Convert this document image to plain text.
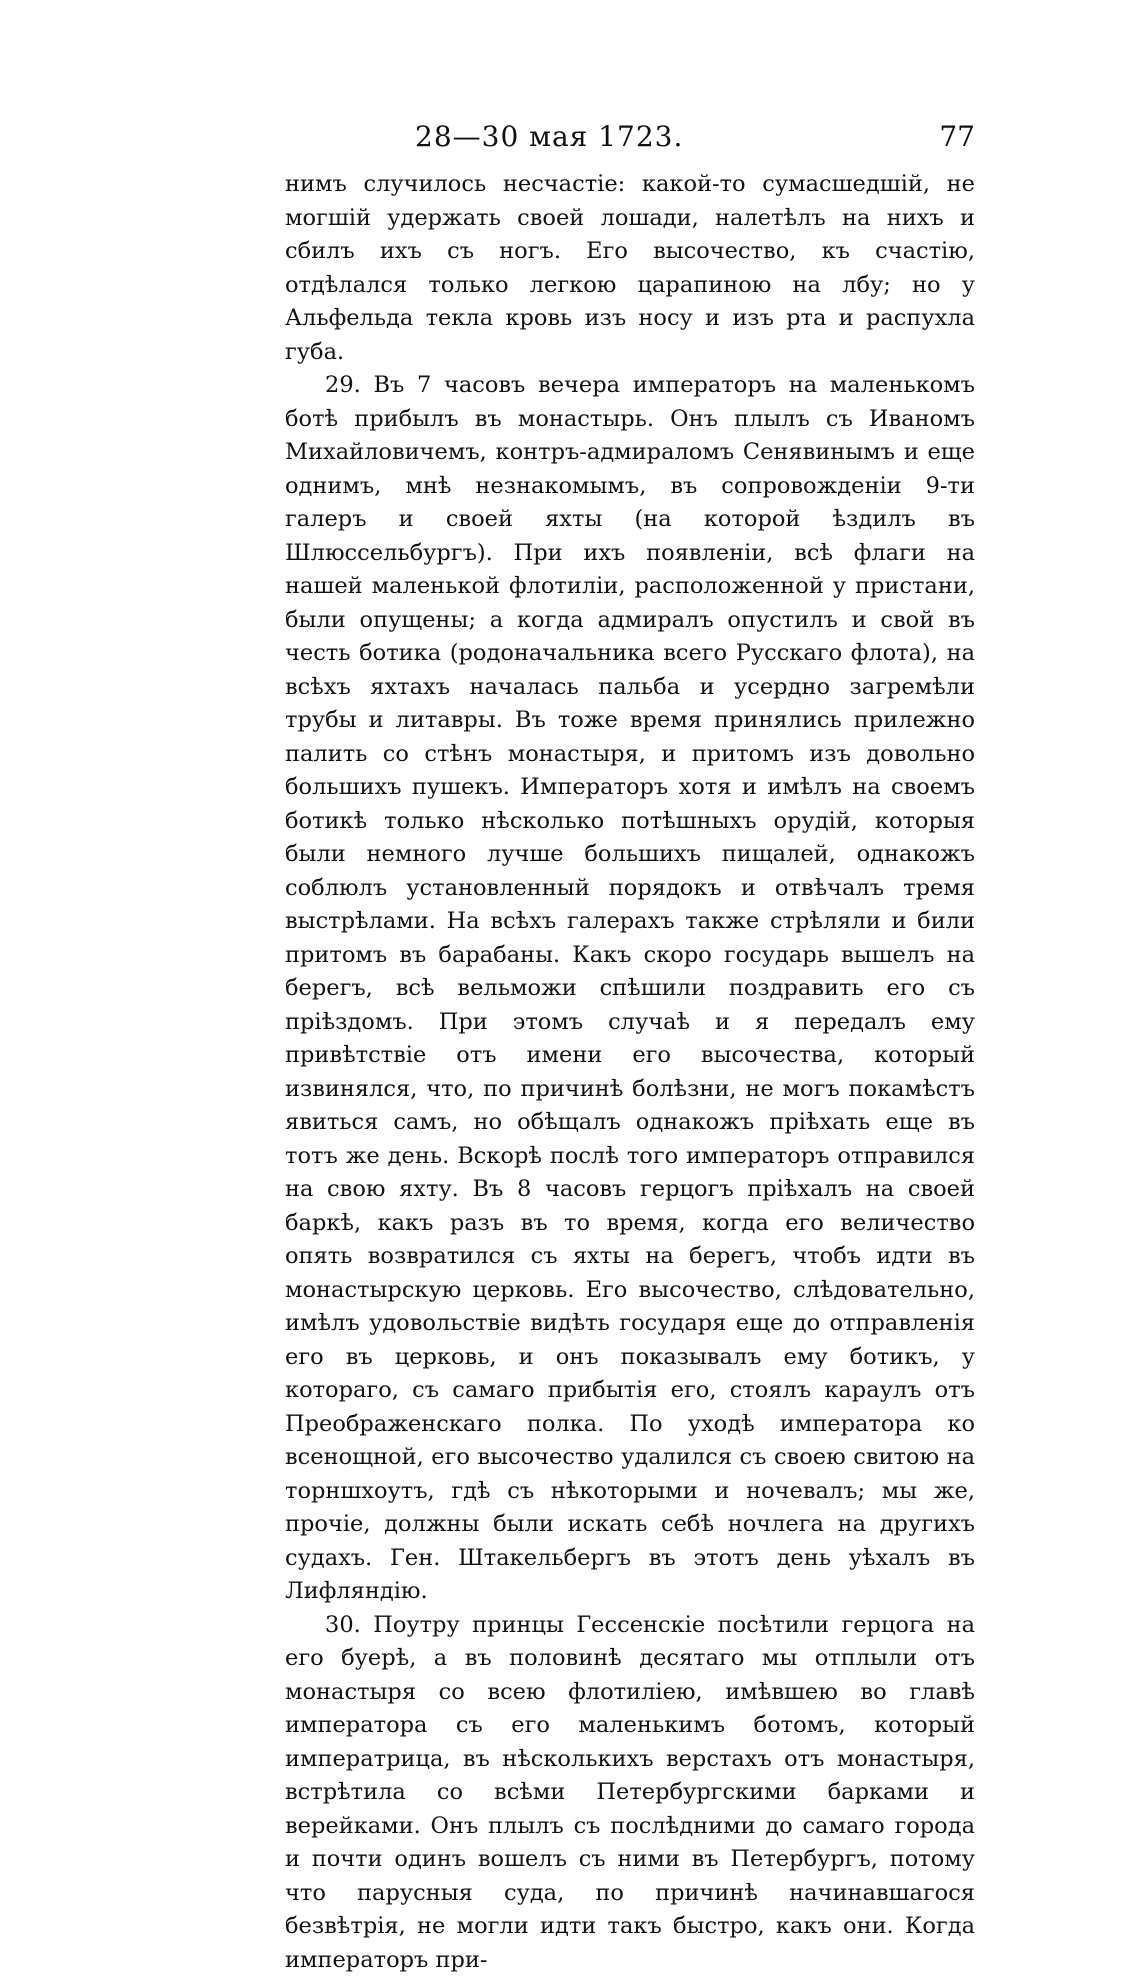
28—30 мая 1723.	77

нимъ случилось несчастіе: какой-то сумасшедшій, не могшій удержать своей лошади, налетѣлъ на нихъ и сбилъ ихъ съ ногъ. Его высочество, къ счастію, отдѣлался только легкою царапиною на лбу; но у Альфельда текла кровь изъ носу и изъ рта и распухла губа.

29. Въ 7 часовъ вечера императоръ на маленькомъ ботѣ прибылъ въ монастырь. Онъ плылъ съ Иваномъ Михайловичемъ, контръ-адмираломъ Сенявинымъ и еще однимъ, мнѣ незнакомымъ, въ сопровожденіи 9-ти галеръ и своей яхты (на которой ѣздилъ въ Шлюссельбургъ). При ихъ появленіи, всѣ флаги на нашей маленькой флотиліи, расположенной у пристани, были опущены; а когда адмиралъ опустилъ и свой въ честь ботика (родоначальника всего Русскаго флота), на всѣхъ яхтахъ началась пальба и усердно загремѣли трубы и литавры. Въ тоже время принялись прилежно палить со стѣнъ монастыря, и притомъ изъ довольно большихъ пушекъ. Императоръ хотя и имѣлъ на своемъ ботикѣ только нѣсколько потѣшныхъ орудій, которыя были немного лучше большихъ пищалей, однакожъ соблюлъ установленный порядокъ и отвѣчалъ тремя выстрѣлами. На всѣхъ галерахъ также стрѣляли и били притомъ въ барабаны. Какъ скоро государь вышелъ на берегъ, всѣ вельможи спѣшили поздравить его съ пріѣздомъ. При этомъ случаѣ и я передалъ ему привѣтствіе отъ имени его высочества, который извинялся, что, по причинѣ болѣзни, не могъ покамѣстъ явиться самъ, но обѣщалъ однакожъ пріѣхать еще въ тотъ же день. Вскорѣ послѣ того императоръ отправился на свою яхту. Въ 8 часовъ герцогъ пріѣхалъ на своей баркѣ, какъ разъ въ то время, когда его величество опять возвратился съ яхты на берегъ, чтобъ идти въ монастырскую церковь. Его высочество, слѣдовательно, имѣлъ удовольствіе видѣть государя еще до отправленія его въ церковь, и онъ показывалъ ему ботикъ, у котораго, съ самаго прибытія его, стоялъ караулъ отъ Преображенскаго полка. По уходѣ императора ко всенощной, его высочество удалился съ своею свитою на торншхоутъ, гдѣ съ нѣкоторыми и ночевалъ; мы же, прочіе, должны были искать себѣ ночлега на другихъ судахъ. Ген. Штакельбергъ въ этотъ день уѣхалъ въ Лифляндію.

30. Поутру принцы Гессенскіе посѣтили герцога на его буерѣ, а въ половинѣ десятаго мы отплыли отъ монастыря со всею флотиліею, имѣвшею во главѣ императора съ его маленькимъ ботомъ, который императрица, въ нѣсколькихъ верстахъ отъ монастыря, встрѣтила со всѣми Петербургскими барками и верейками. Онъ плылъ съ послѣдними до самаго города и почти одинъ вошелъ съ ними въ Петербургъ, потому что парусныя суда, по причинѣ начинавшагося безвѣтрія, не могли идти такъ быстро, какъ они. Когда императоръ при-
